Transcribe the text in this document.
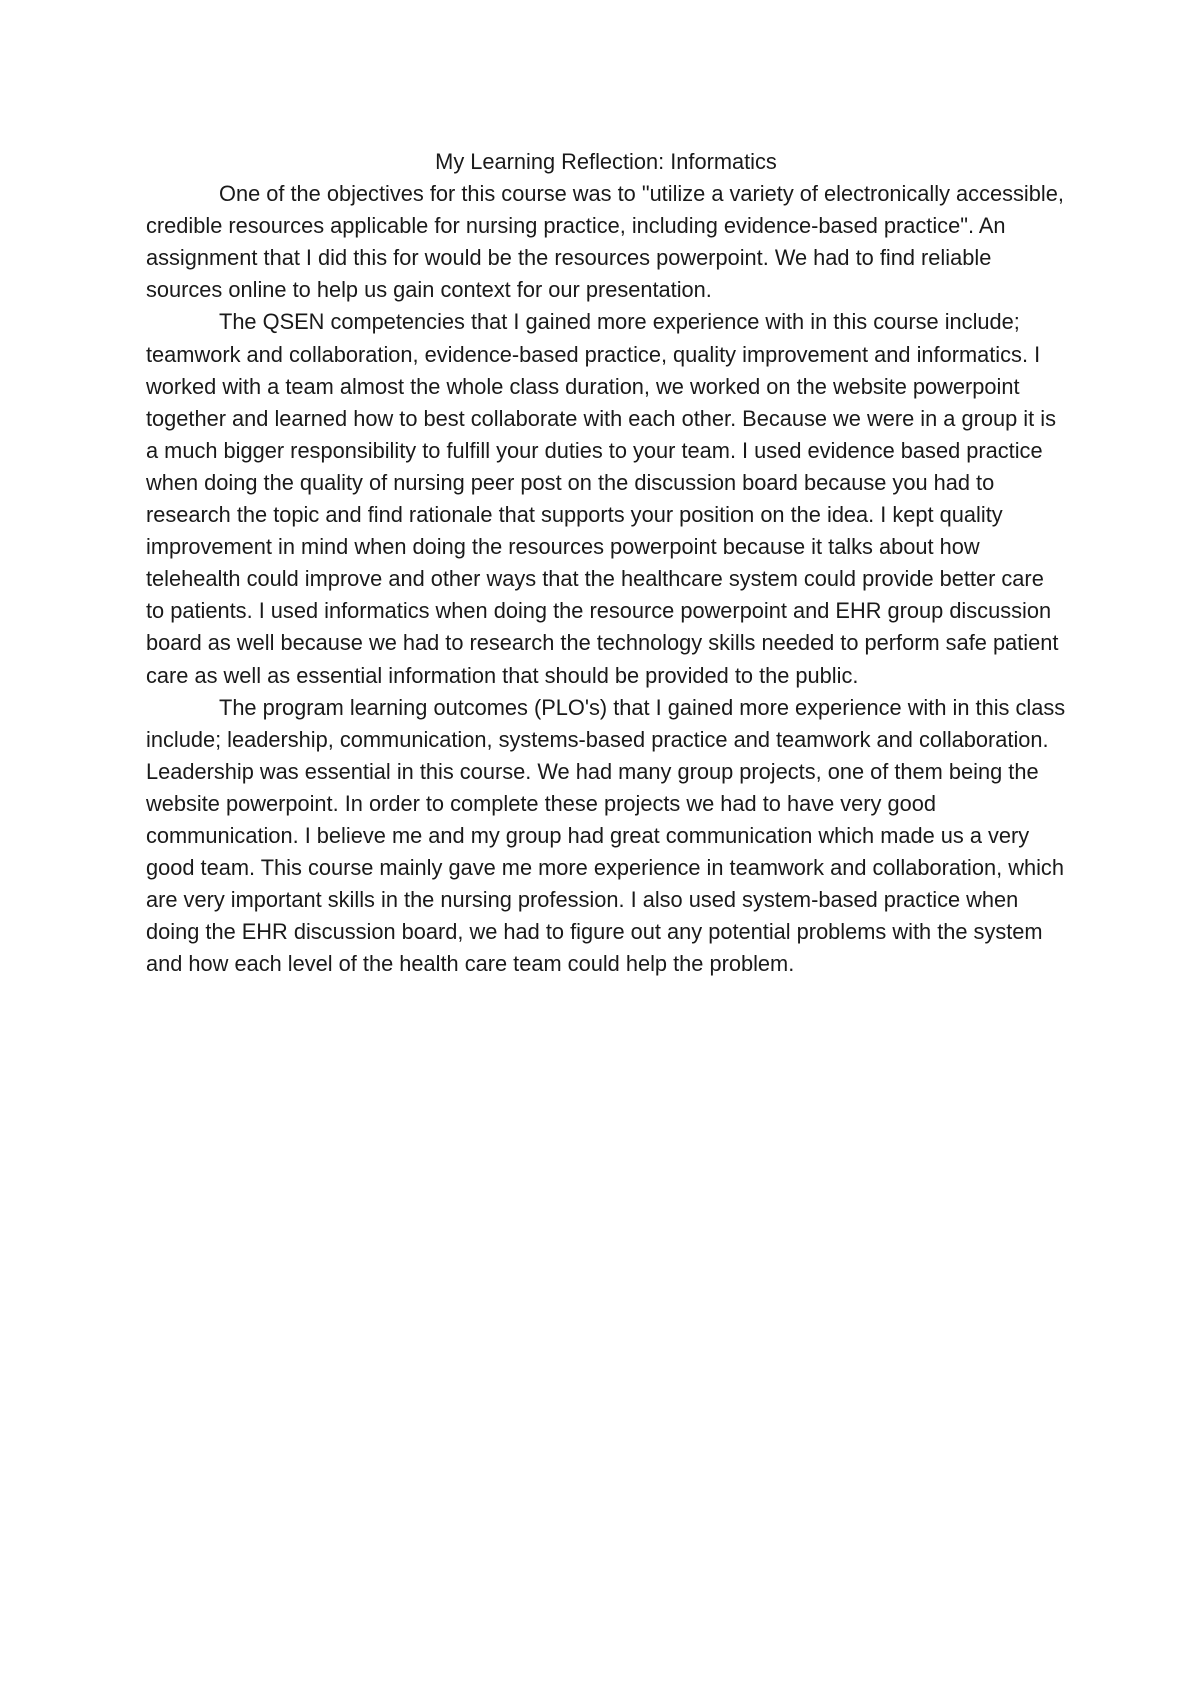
My Learning Reflection: Informatics

One of the objectives for this course was to "utilize a variety of electronically accessible, credible resources applicable for nursing practice, including evidence-based practice". An assignment that I did this for would be the resources powerpoint. We had to find reliable sources online to help us gain context for our presentation.

The QSEN competencies that I gained more experience with in this course include; teamwork and collaboration, evidence-based practice, quality improvement and informatics. I worked with a team almost the whole class duration, we worked on the website powerpoint together and learned how to best collaborate with each other. Because we were in a group it is a much bigger responsibility to fulfill your duties to your team. I used evidence based practice when doing the quality of nursing peer post on the discussion board because you had to research the topic and find rationale that supports your position on the idea. I kept quality improvement in mind when doing the resources powerpoint because it talks about how telehealth could improve and other ways that the healthcare system could provide better care to patients. I used informatics when doing the resource powerpoint and EHR group discussion board as well because we had to research the technology skills needed to perform safe patient care as well as essential information that should be provided to the public.

The program learning outcomes (PLO's) that I gained more experience with in this class include; leadership, communication, systems-based practice and teamwork and collaboration. Leadership was essential in this course. We had many group projects, one of them being the website powerpoint. In order to complete these projects we had to have very good communication. I believe me and my group had great communication which made us a very good team. This course mainly gave me more experience in teamwork and collaboration, which are very important skills in the nursing profession. I also used system-based practice when doing the EHR discussion board, we had to figure out any potential problems with the system and how each level of the health care team could help the problem.
